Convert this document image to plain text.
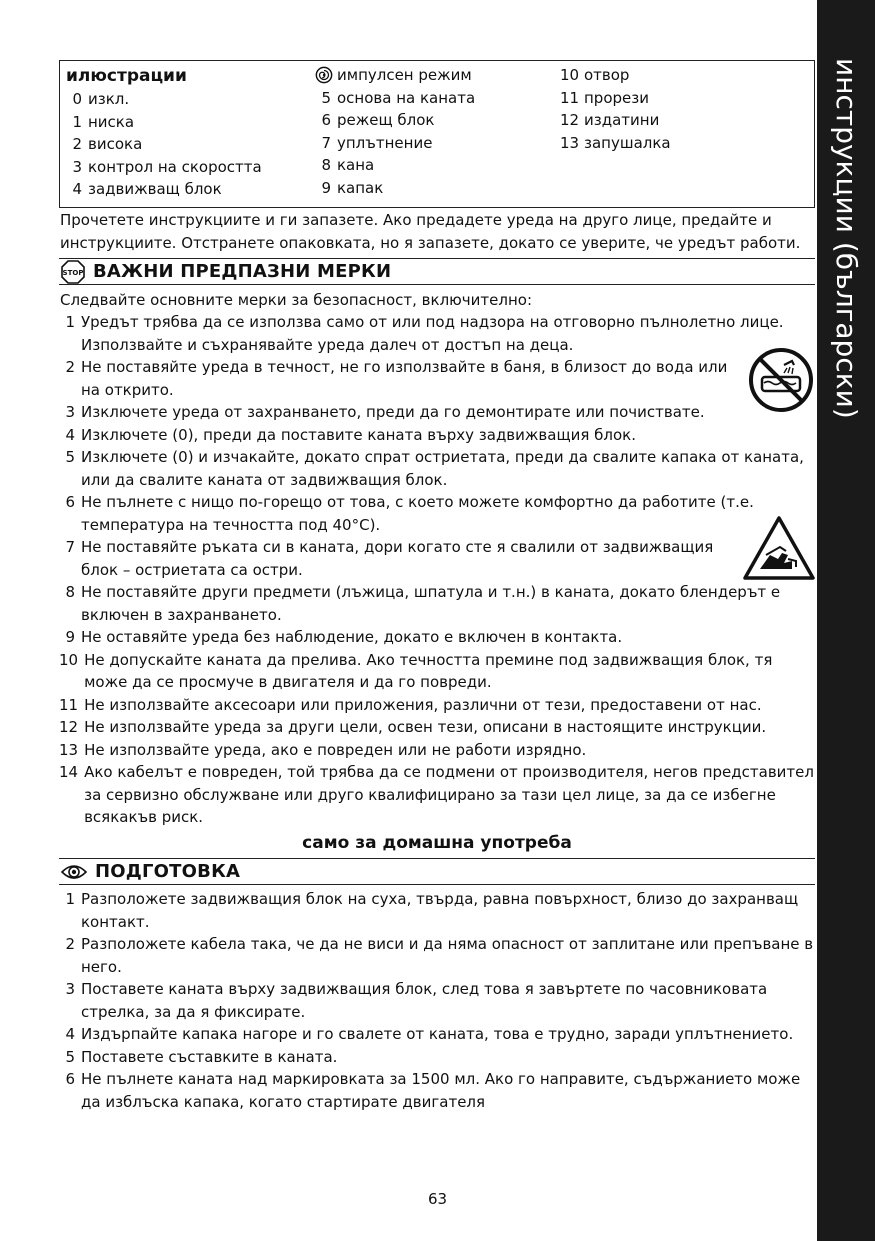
инструкции (български)
илюстрации
0 изкл.
1 ниска
2 висока
3 контрол на скоростта
4 задвижващ блок
импулсен режим
5 основа на каната
6 режещ блок
7 уплътнение
8 кана
9 капак
10 отвор
11 прорези
12 издатини
13 запушалка
Прочетете инструкциите и ги запазете. Ако предадете уреда на друго лице, предайте и инструкциите. Отстранете опаковката, но я запазете, докато се уверите, че уредът работи.
STOP ВАЖНИ ПРЕДПАЗНИ МЕРКИ
Следвайте основните мерки за безопасност, включително:
1 Уредът трябва да се използва само от или под надзора на отговорно пълнолетно лице. Използвайте и съхранявайте уреда далеч от достъп на деца.
2 Не поставяйте уреда в течност, не го използвайте в баня, в близост до вода или на открито.
3 Изключете уреда от захранването, преди да го демонтирате или почиствате.
4 Изключете (0), преди да поставите каната върху задвижващия блок.
5 Изключете (0) и изчакайте, докато спрат остриетата, преди да свалите капака от каната, или да свалите каната от задвижващия блок.
6 Не пълнете с нищо по-горещо от това, с което можете комфортно да работите (т.е. температура на течността под 40°C).
7 Не поставяйте ръката си в каната, дори когато сте я свалили от задвижващия блок – остриетата са остри.
8 Не поставяйте други предмети (лъжица, шпатула и т.н.) в каната, докато блендерът е включен в захранването.
9 Не оставяйте уреда без наблюдение, докато е включен в контакта.
10 Не допускайте каната да прелива. Ако течността премине под задвижващия блок, тя може да се просмуче в двигателя и да го повреди.
11 Не използвайте аксесоари или приложения, различни от тези, предоставени от нас.
12 Не използвайте уреда за други цели, освен тези, описани в настоящите инструкции.
13 Не използвайте уреда, ако е повреден или не работи изрядно.
14 Ако кабелът е повреден, той трябва да се подмени от производителя, негов представител за сервизно обслужване или друго квалифицирано за тази цел лице, за да се избегне всякакъв риск.
само за домашна употреба
ПОДГОТОВКА
1 Разположете задвижващия блок на суха, твърда, равна повърхност, близо до захранващ контакт.
2 Разположете кабела така, че да не виси и да няма опасност от заплитане или препъване в него.
3 Поставете каната върху задвижващия блок, след това я завъртете по часовниковата стрелка, за да я фиксирате.
4 Издърпайте капака нагоре и го свалете от каната, това е трудно, заради уплътнението.
5 Поставете съставките в каната.
6 Не пълнете каната над маркировката за 1500 мл. Ако го направите, съдържанието може да изблъска капака, когато стартирате двигателя
63
